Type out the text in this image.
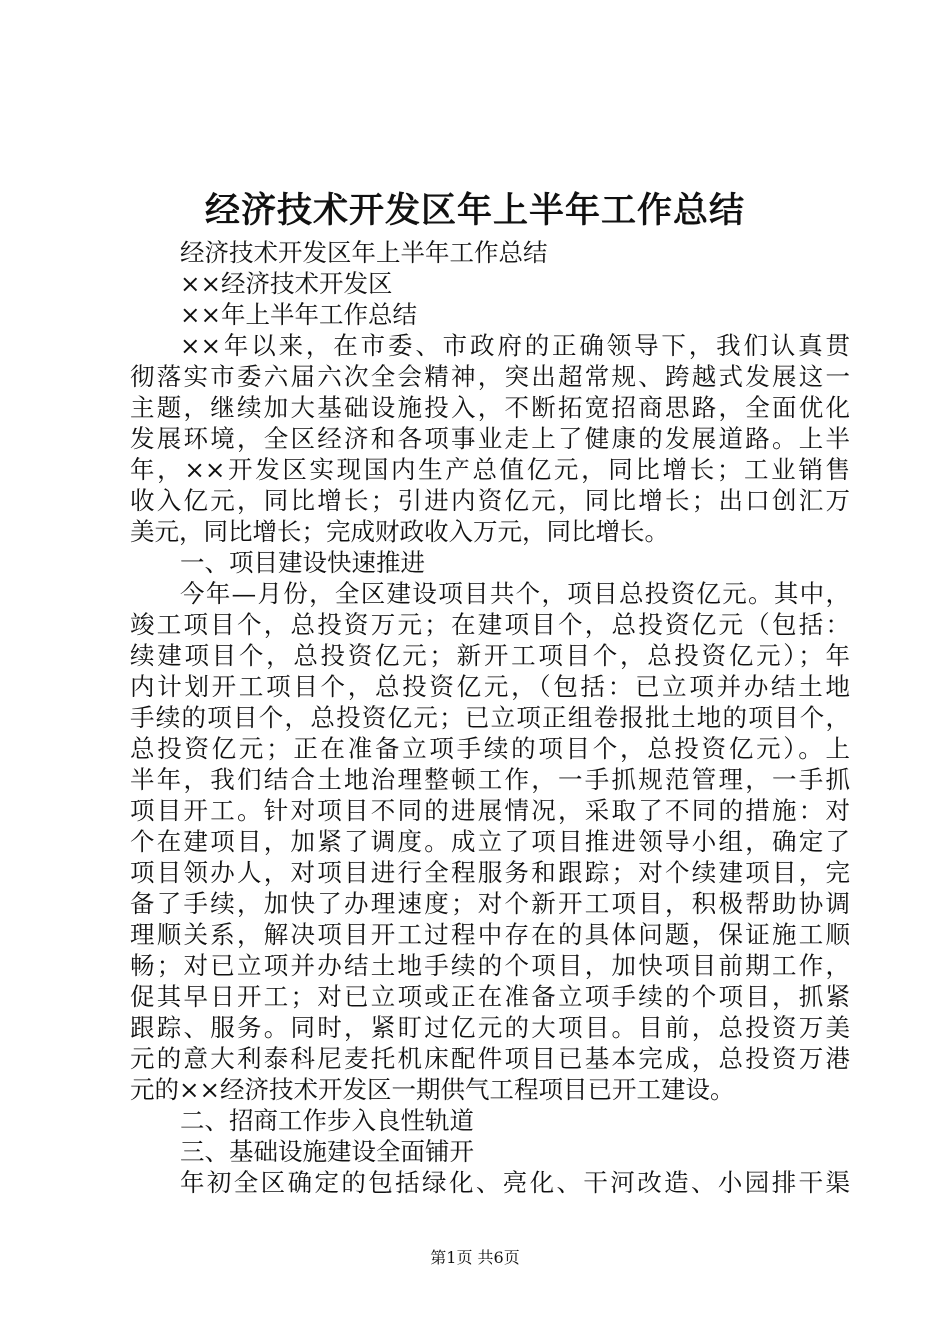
经济技术开发区年上半年工作总结
经济技术开发区年上半年工作总结
××经济技术开发区
××年上半年工作总结
××年以来，在市委、市政府的正确领导下，我们认真贯
彻落实市委六届六次全会精神，突出超常规、跨越式发展这一
主题，继续加大基础设施投入，不断拓宽招商思路，全面优化
发展环境，全区经济和各项事业走上了健康的发展道路。上半
年，××开发区实现国内生产总值亿元，同比增长；工业销售
收入亿元，同比增长；引进内资亿元，同比增长；出口创汇万
美元，同比增长；完成财政收入万元，同比增长。
一、项目建设快速推进
今年—月份，全区建设项目共个，项目总投资亿元。其中，
竣工项目个，总投资万元；在建项目个，总投资亿元（包括：
续建项目个，总投资亿元；新开工项目个，总投资亿元）；年
内计划开工项目个，总投资亿元，（包括：已立项并办结土地
手续的项目个，总投资亿元；已立项正组卷报批土地的项目个，
总投资亿元；正在准备立项手续的项目个，总投资亿元）。上
半年，我们结合土地治理整顿工作，一手抓规范管理，一手抓
项目开工。针对项目不同的进展情况，采取了不同的措施：对
个在建项目，加紧了调度。成立了项目推进领导小组，确定了
项目领办人，对项目进行全程服务和跟踪；对个续建项目，完
备了手续，加快了办理速度；对个新开工项目，积极帮助协调
理顺关系，解决项目开工过程中存在的具体问题，保证施工顺
畅；对已立项并办结土地手续的个项目，加快项目前期工作，
促其早日开工；对已立项或正在准备立项手续的个项目，抓紧
跟踪、服务。同时，紧盯过亿元的大项目。目前，总投资万美
元的意大利泰科尼麦托机床配件项目已基本完成，总投资万港
元的××经济技术开发区一期供气工程项目已开工建设。
二、招商工作步入良性轨道
三、基础设施建设全面铺开
年初全区确定的包括绿化、亮化、干河改造、小园排干渠
第1页 共6页
